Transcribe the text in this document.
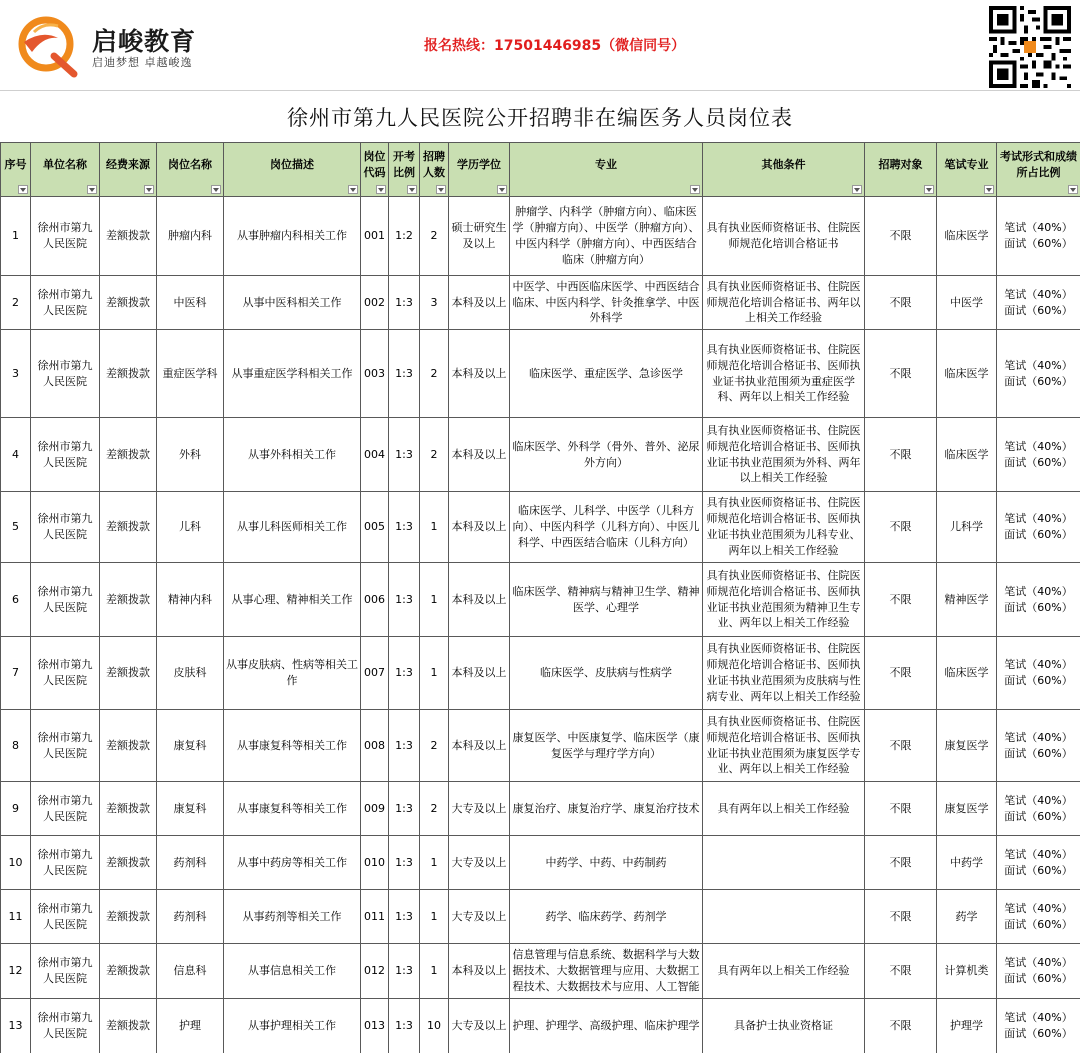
启峻教育
启迪梦想 卓越峻逸
报名热线：17501446985（微信同号）
徐州市第九人民医院公开招聘非在编医务人员岗位表
序号	单位名称	经费来源	岗位名称	岗位描述	岗位代码	开考比例	招聘人数	学历学位	专业	其他条件	招聘对象	笔试专业	考试形式和成绩所占比例

1	徐州市第九人民医院	差额拨款	肿瘤内科	从事肿瘤内科相关工作	001	1:2	2	硕士研究生及以上	肿瘤学、内科学（肿瘤方向）、临床医学（肿瘤方向）、中医学（肿瘤方向）、中医内科学（肿瘤方向）、中西医结合临床（肿瘤方向）	具有执业医师资格证书、住院医师规范化培训合格证书	不限	临床医学	笔试（40%）面试（60%）
2	徐州市第九人民医院	差额拨款	中医科	从事中医科相关工作	002	1:3	3	本科及以上	中医学、中西医临床医学、中西医结合临床、中医内科学、针灸推拿学、中医外科学	具有执业医师资格证书、住院医师规范化培训合格证书、两年以上相关工作经验	不限	中医学	笔试（40%）面试（60%）
3	徐州市第九人民医院	差额拨款	重症医学科	从事重症医学科相关工作	003	1:3	2	本科及以上	临床医学、重症医学、急诊医学	具有执业医师资格证书、住院医师规范化培训合格证书、医师执业证书执业范围须为重症医学科、两年以上相关工作经验	不限	临床医学	笔试（40%）面试（60%）
4	徐州市第九人民医院	差额拨款	外科	从事外科相关工作	004	1:3	2	本科及以上	临床医学、外科学（骨外、普外、泌尿外方向）	具有执业医师资格证书、住院医师规范化培训合格证书、医师执业证书执业范围须为外科、两年以上相关工作经验	不限	临床医学	笔试（40%）面试（60%）
5	徐州市第九人民医院	差额拨款	儿科	从事儿科医师相关工作	005	1:3	1	本科及以上	临床医学、儿科学、中医学（儿科方向）、中医内科学（儿科方向）、中医儿科学、中西医结合临床（儿科方向）	具有执业医师资格证书、住院医师规范化培训合格证书、医师执业证书执业范围须为儿科专业、两年以上相关工作经验	不限	儿科学	笔试（40%）面试（60%）
6	徐州市第九人民医院	差额拨款	精神内科	从事心理、精神相关工作	006	1:3	1	本科及以上	临床医学、精神病与精神卫生学、精神医学、心理学	具有执业医师资格证书、住院医师规范化培训合格证书、医师执业证书执业范围须为精神卫生专业、两年以上相关工作经验	不限	精神医学	笔试（40%）面试（60%）
7	徐州市第九人民医院	差额拨款	皮肤科	从事皮肤病、性病等相关工作	007	1:3	1	本科及以上	临床医学、皮肤病与性病学	具有执业医师资格证书、住院医师规范化培训合格证书、医师执业证书执业范围须为皮肤病与性病专业、两年以上相关工作经验	不限	临床医学	笔试（40%）面试（60%）
8	徐州市第九人民医院	差额拨款	康复科	从事康复科等相关工作	008	1:3	2	本科及以上	康复医学、中医康复学、临床医学（康复医学与理疗学方向）	具有执业医师资格证书、住院医师规范化培训合格证书、医师执业证书执业范围须为康复医学专业、两年以上相关工作经验	不限	康复医学	笔试（40%）面试（60%）
9	徐州市第九人民医院	差额拨款	康复科	从事康复科等相关工作	009	1:3	2	大专及以上	康复治疗、康复治疗学、康复治疗技术	具有两年以上相关工作经验	不限	康复医学	笔试（40%）面试（60%）
10	徐州市第九人民医院	差额拨款	药剂科	从事中药房等相关工作	010	1:3	1	大专及以上	中药学、中药、中药制药		不限	中药学	笔试（40%）面试（60%）
11	徐州市第九人民医院	差额拨款	药剂科	从事药剂等相关工作	011	1:3	1	大专及以上	药学、临床药学、药剂学		不限	药学	笔试（40%）面试（60%）
12	徐州市第九人民医院	差额拨款	信息科	从事信息相关工作	012	1:3	1	本科及以上	信息管理与信息系统、数据科学与大数据技术、大数据管理与应用、大数据工程技术、大数据技术与应用、人工智能	具有两年以上相关工作经验	不限	计算机类	笔试（40%）面试（60%）
13	徐州市第九人民医院	差额拨款	护理	从事护理相关工作	013	1:3	10	大专及以上	护理、护理学、高级护理、临床护理学	具备护士执业资格证	不限	护理学	笔试（40%）面试（60%）
